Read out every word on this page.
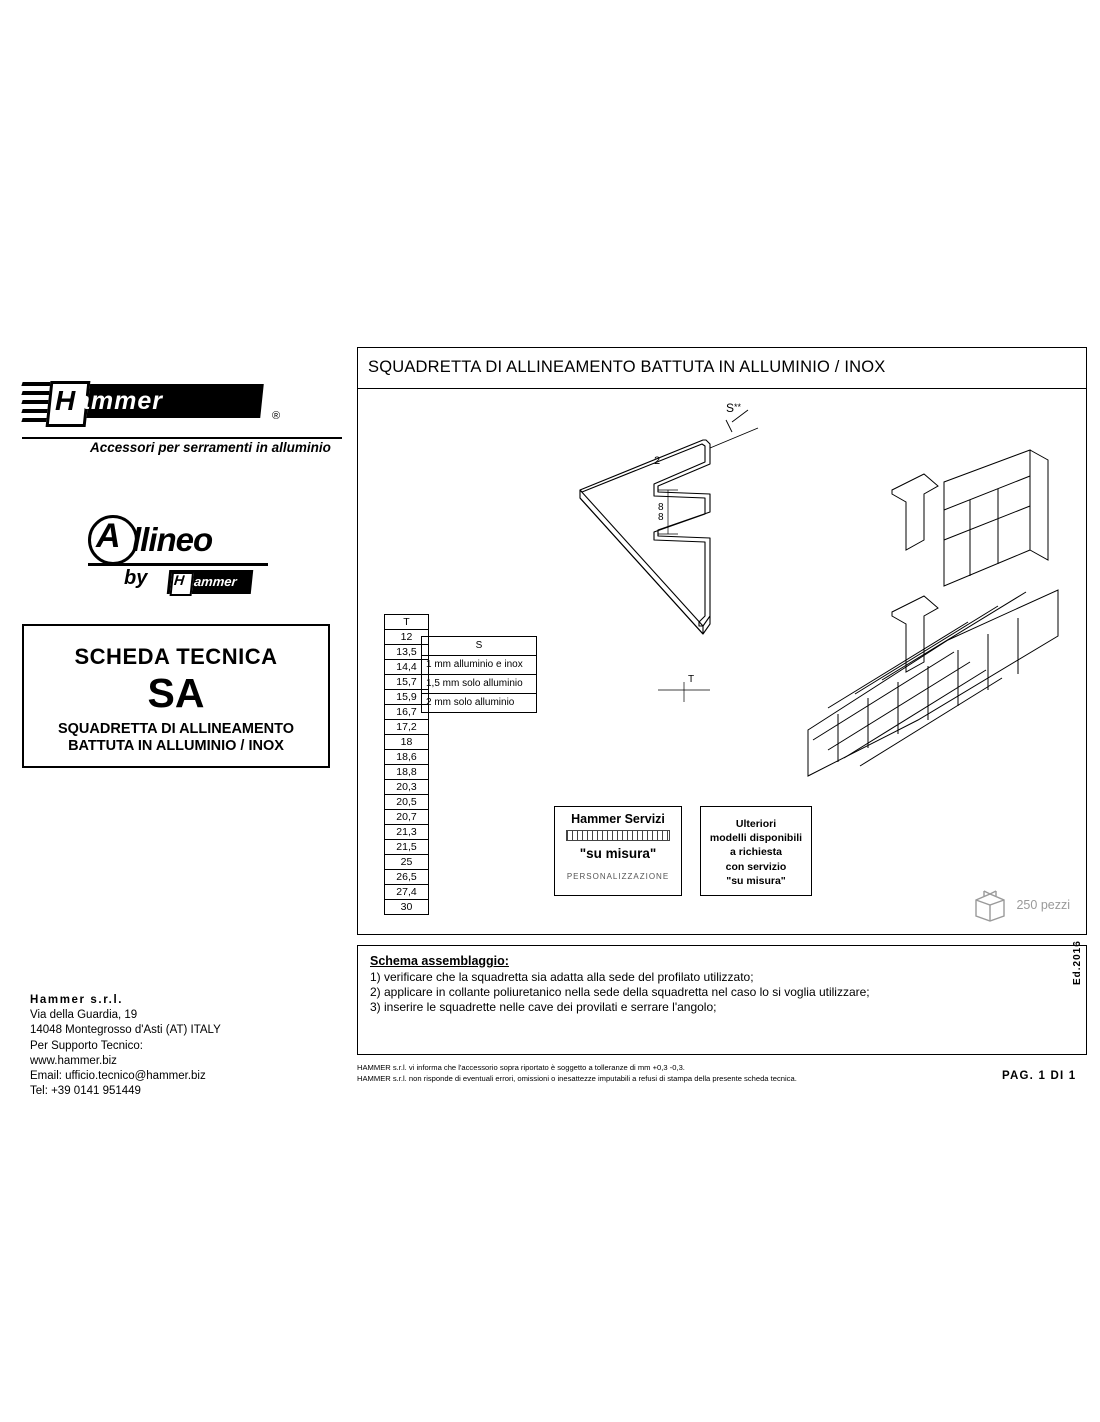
H ammer
®
Accessori per serramenti in alluminio
A llineo
by H ammer
SCHEDA TECNICA
SA
SQUADRETTA DI ALLINEAMENTO
BATTUTA IN ALLUMINIO / INOX
Hammer s.r.l.
Via della Guardia, 19
14048 Montegrosso d'Asti (AT) ITALY
Per Supporto Tecnico:
www.hammer.biz
Email: ufficio.tecnico@hammer.biz
Tel: +39 0141 951449
SQUADRETTA DI ALLINEAMENTO BATTUTA IN ALLUMINIO / INOX
S **
2
8
8
T
T
12
13,5
14,4
15,7
15,9
16,7
17,2
18
18,6
18,8
20,3
20,5
20,7
21,3
21,5
25
26,5
27,4
30
S
1 mm alluminio e inox
1,5 mm solo alluminio
2 mm solo alluminio
Hammer Servizi
"su misura"
PERSONALIZZAZIONE
Ulteriori
modelli disponibili
a richiesta
con servizio
"su misura"
250 pezzi
Schema assemblaggio:

1) verificare che la squadretta sia adatta alla sede del profilato utilizzato;

2) applicare in collante poliuretanico nella sede della squadretta nel caso lo si voglia utilizzare;

3) inserire le squadrette nelle cave dei provilati e serrare l'angolo;

HAMMER s.r.l. vi informa che l'accessorio sopra riportato è soggetto a tolleranze di mm +0,3 -0,3.
HAMMER s.r.l. non risponde di eventuali errori, omissioni o inesattezze imputabili a refusi di stampa della presente scheda tecnica.	PAG. 1 DI 1
Ed.2016
